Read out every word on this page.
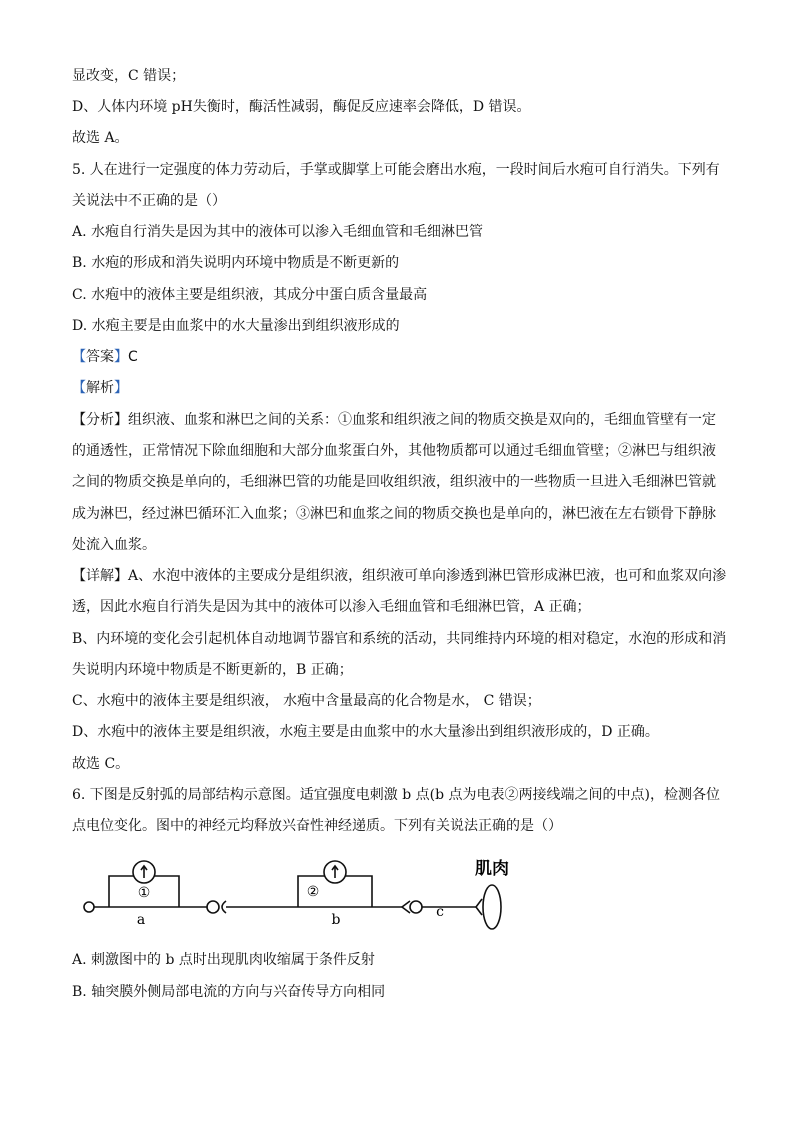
显改变，C 错误；
D、人体内环境 pH失衡时，酶活性减弱，酶促反应速率会降低，D 错误。
故选 A。
5. 人在进行一定强度的体力劳动后，手掌或脚掌上可能会磨出水疱，一段时间后水疱可自行消失。下列有
关说法中不正确的是（）
A. 水疱自行消失是因为其中的液体可以渗入毛细血管和毛细淋巴管
B. 水疱的形成和消失说明内环境中物质是不断更新的
C. 水疱中的液体主要是组织液，其成分中蛋白质含量最高
D. 水疱主要是由血浆中的水大量渗出到组织液形成的
【答案】C
【解析】
【分析】组织液、血浆和淋巴之间的关系：①血浆和组织液之间的物质交换是双向的，毛细血管壁有一定
的通透性，正常情况下除血细胞和大部分血浆蛋白外，其他物质都可以通过毛细血管壁；②淋巴与组织液
之间的物质交换是单向的，毛细淋巴管的功能是回收组织液，组织液中的一些物质一旦进入毛细淋巴管就
成为淋巴，经过淋巴循环汇入血浆；③淋巴和血浆之间的物质交换也是单向的，淋巴液在左右锁骨下静脉
处流入血浆。
【详解】A、水泡中液体的主要成分是组织液，组织液可单向渗透到淋巴管形成淋巴液，也可和血浆双向渗
透，因此水疱自行消失是因为其中的液体可以渗入毛细血管和毛细淋巴管，A 正确；
B、内环境的变化会引起机体自动地调节器官和系统的活动，共同维持内环境的相对稳定，水泡的形成和消
失说明内环境中物质是不断更新的，B 正确；
C、水疱中的液体主要是组织液， 水疱中含量最高的化合物是水， C 错误；
D、水疱中的液体主要是组织液，水疱主要是由血浆中的水大量渗出到组织液形成的，D 正确。
故选 C。
6. 下图是反射弧的局部结构示意图。适宜强度电刺激 b 点(b 点为电表②两接线端之间的中点)，检测各位
点电位变化。图中的神经元均释放兴奋性神经递质。下列有关说法正确的是（）
①	②
a	b	c
肌肉
A. 刺激图中的 b 点时出现肌肉收缩属于条件反射
B. 轴突膜外侧局部电流的方向与兴奋传导方向相同
